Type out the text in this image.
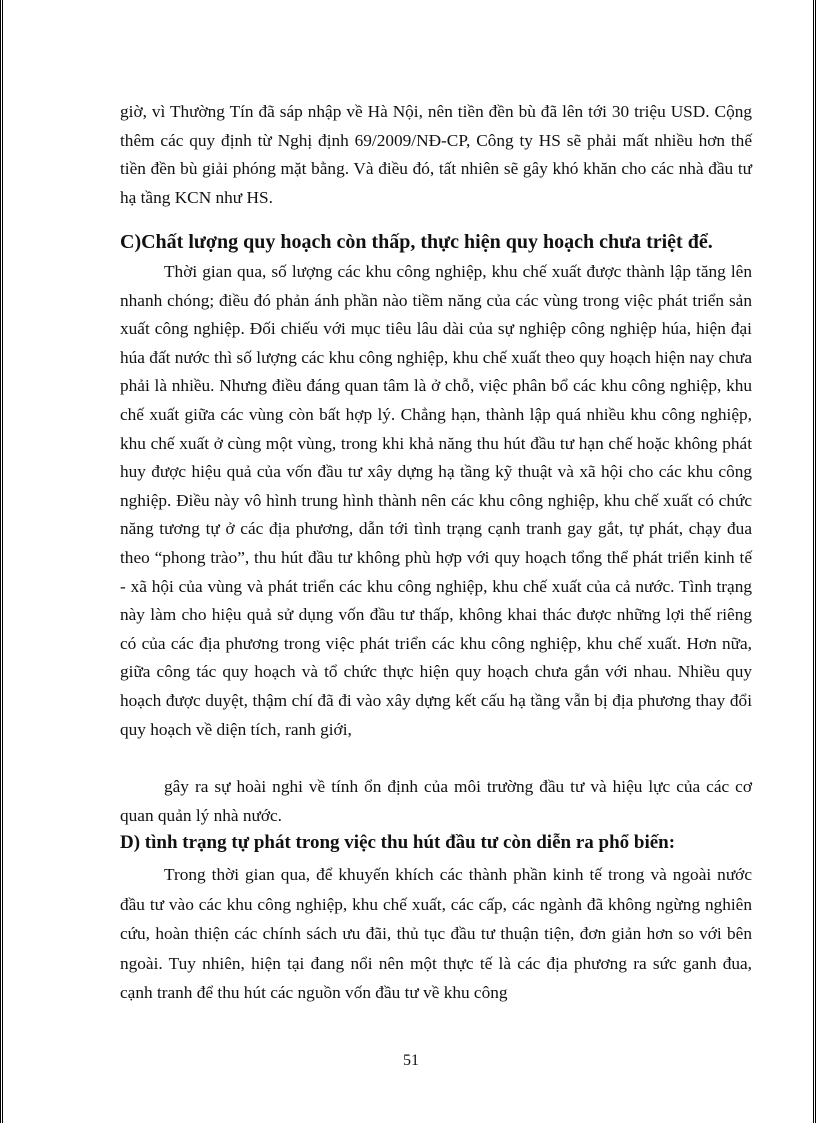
giờ, vì Thường Tín đã sáp nhập về Hà Nội, nên tiền đền bù đã lên tới 30 triệu USD. Cộng thêm các quy định từ Nghị định 69/2009/NĐ-CP, Công ty HS sẽ phải mất nhiều hơn thế tiền đền bù giải phóng mặt bằng. Và điều đó, tất nhiên sẽ gây khó khăn cho các nhà đầu tư hạ tầng KCN như HS.

C)Chất lượng quy hoạch còn thấp, thực hiện quy hoạch chưa triệt để.

Thời gian qua, số lượng các khu công nghiệp, khu chế xuất được thành lập tăng lên nhanh chóng; điều đó phản ánh phần nào tiềm năng của các vùng trong việc phát triển sản xuất công nghiệp. Đối chiếu với mục tiêu lâu dài của sự nghiệp công nghiệp húa, hiện đại húa đất nước thì số lượng các khu công nghiệp, khu chế xuất theo quy hoạch hiện nay chưa phải là nhiều. Nhưng điều đáng quan tâm là ở chỗ, việc phân bổ các khu công nghiệp, khu chế xuất giữa các vùng còn bất hợp lý. Chẳng hạn, thành lập quá nhiều khu công nghiệp, khu chế xuất ở cùng một vùng, trong khi khả năng thu hút đầu tư hạn chế hoặc không phát huy được hiệu quả của vốn đầu tư xây dựng hạ tầng kỹ thuật và xã hội cho các khu công nghiệp. Điều này vô hình trung hình thành nên các khu công nghiệp, khu chế xuất có chức năng tương tự ở các địa phương, dẫn tới tình trạng cạnh tranh gay gắt, tự phát, chạy đua theo “phong trào”, thu hút đầu tư không phù hợp với quy hoạch tổng thể phát triển kinh tế - xã hội của vùng và phát triển các khu công nghiệp, khu chế xuất của cả nước. Tình trạng này làm cho hiệu quả sử dụng vốn đầu tư thấp, không khai thác được những lợi thế riêng có của các địa phương trong việc phát triển các khu công nghiệp, khu chế xuất. Hơn nữa, giữa công tác quy hoạch và tổ chức thực hiện quy hoạch chưa gắn với nhau. Nhiều quy hoạch được duyệt, thậm chí đã đi vào xây dựng kết cấu hạ tầng vẫn bị địa phương thay đổi quy hoạch về diện tích, ranh giới,

gây ra sự hoài nghi về tính ổn định của môi trường đầu tư và hiệu lực của các cơ quan quản lý nhà nước.

D) tình trạng tự phát trong việc thu hút đầu tư còn diễn ra phổ biến:

Trong thời gian qua, để khuyến khích các thành phần kinh tế trong và ngoài nước đầu tư vào các khu công nghiệp, khu chế xuất, các cấp, các ngành đã không ngừng nghiên cứu, hoàn thiện các chính sách ưu đãi, thủ tục đầu tư thuận tiện, đơn giản hơn so với bên ngoài. Tuy nhiên, hiện tại đang nổi nên một thực tế là các địa phương ra sức ganh đua, cạnh tranh để thu hút các nguồn vốn đầu tư về khu công

51
